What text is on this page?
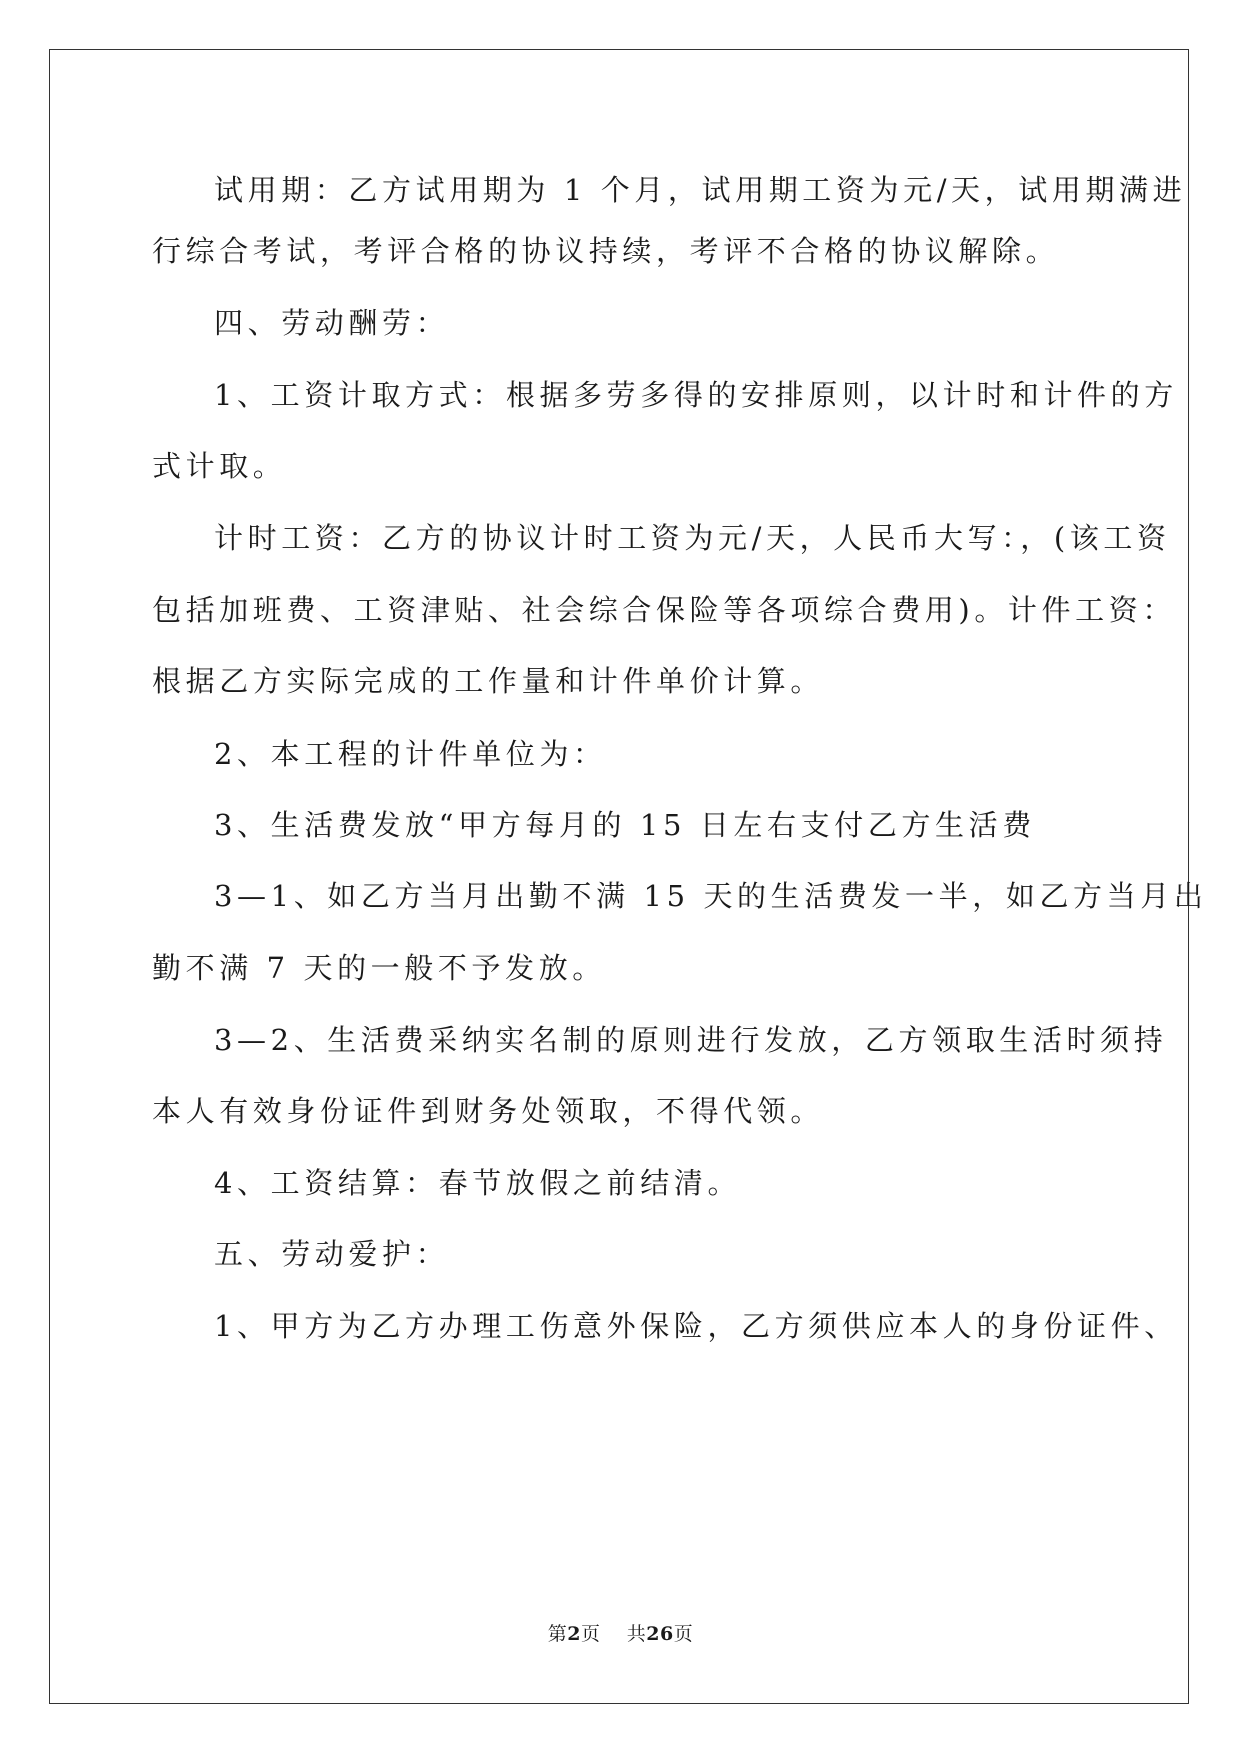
试用期：乙方试用期为 1 个月，试用期工资为元/天，试用期满进
行综合考试，考评合格的协议持续，考评不合格的协议解除。
四、劳动酬劳：
1、工资计取方式：根据多劳多得的安排原则，以计时和计件的方
式计取。
计时工资：乙方的协议计时工资为元/天，人民币大写：，(该工资
包括加班费、工资津贴、社会综合保险等各项综合费用)。计件工资：
根据乙方实际完成的工作量和计件单价计算。
2、本工程的计件单位为：
3、生活费发放“甲方每月的 15 日左右支付乙方生活费
3—1、如乙方当月出勤不满 15 天的生活费发一半，如乙方当月出
勤不满 7 天的一般不予发放。
3—2、生活费采纳实名制的原则进行发放，乙方领取生活时须持
本人有效身份证件到财务处领取，不得代领。
4、工资结算：春节放假之前结清。
五、劳动爱护：
1、甲方为乙方办理工伤意外保险，乙方须供应本人的身份证件、
第2页 共26页
